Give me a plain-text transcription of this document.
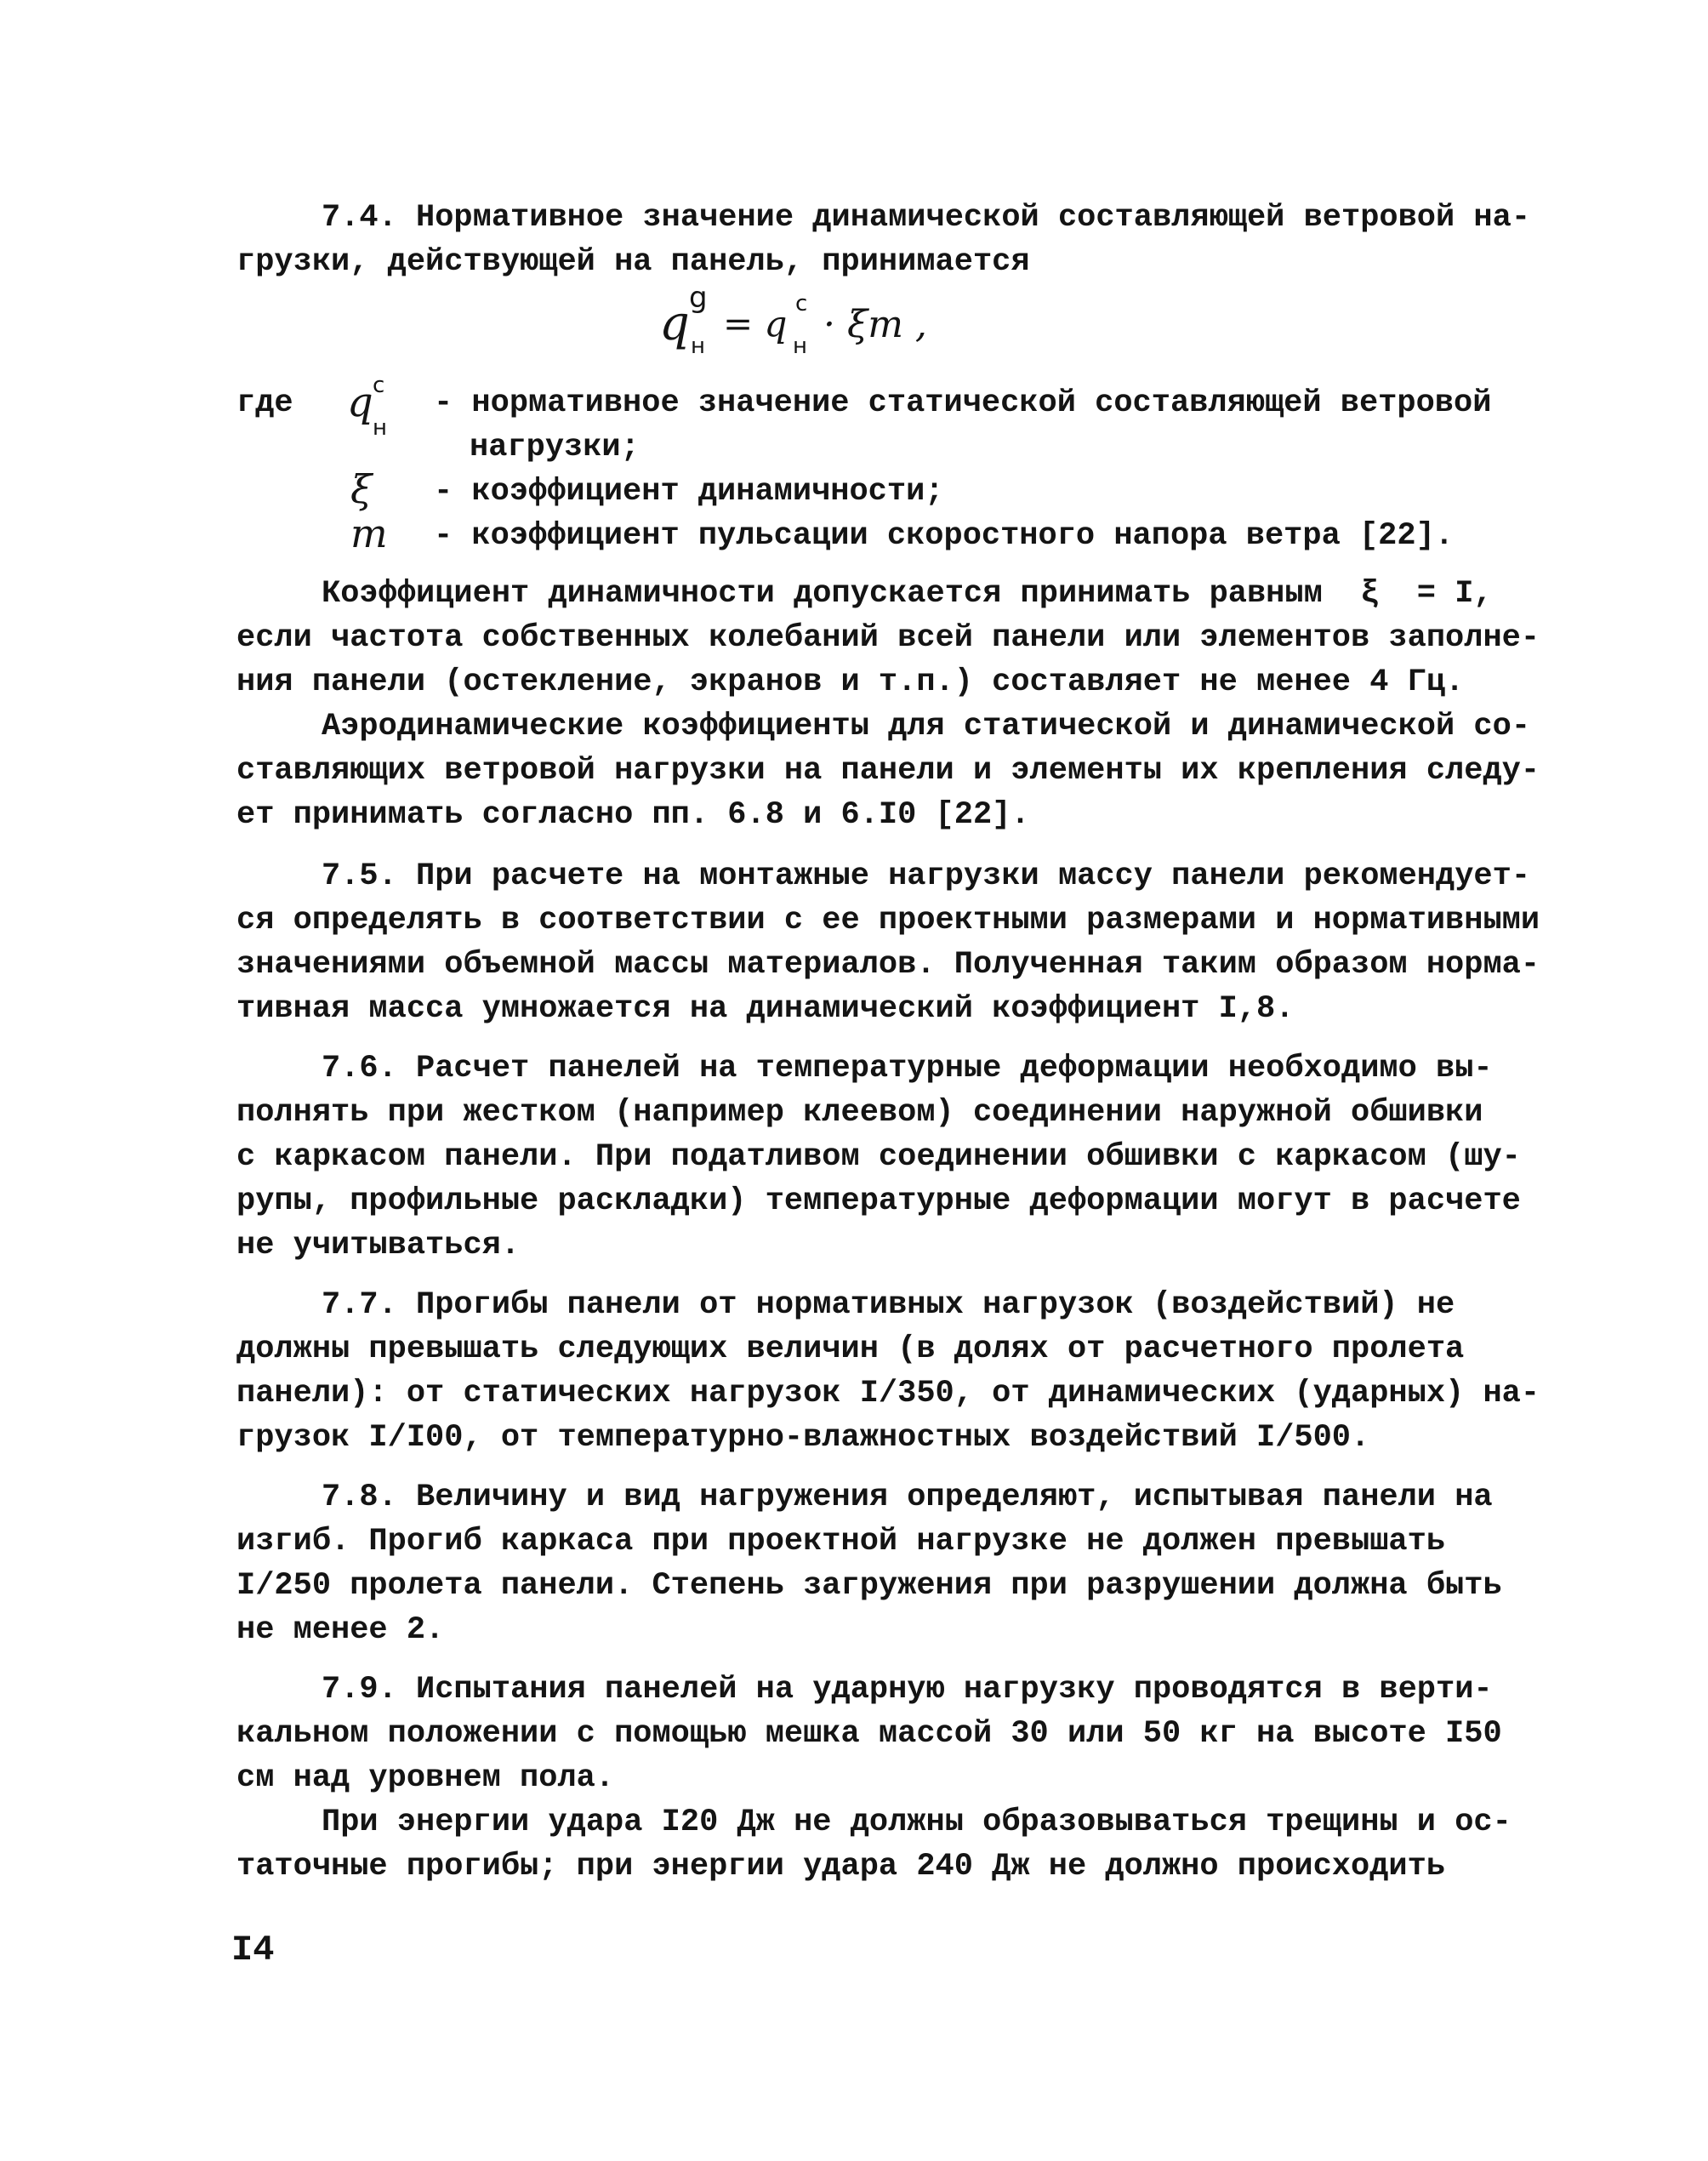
7.4. Нормативное значение динамической составляющей ветровой на-
грузки, действующей на панель, принимается
q g
н
= q c
н · ξm ,
где q c
н
- нормативное значение статической составляющей ветровой
нагрузки;
ξ - коэффициент динамичности;
m - коэффициент пульсации скоростного напора ветра [22].
Коэффициент динамичности допускается принимать равным  ξ  = I,
если частота собственных колебаний всей панели или элементов заполне-
ния панели (остекление, экранов и т.п.) составляет не менее 4 Гц.
Аэродинамические коэффициенты для статической и динамической со-
ставляющих ветровой нагрузки на панели и элементы их крепления следу-
ет принимать согласно пп. 6.8 и 6.I0 [22].
7.5. При расчете на монтажные нагрузки массу панели рекомендует-
ся определять в соответствии с ее проектными размерами и нормативными
значениями объемной массы материалов. Полученная таким образом норма-
тивная масса умножается на динамический коэффициент I,8.
7.6. Расчет панелей на температурные деформации необходимо вы-
полнять при жестком (например клеевом) соединении наружной обшивки
с каркасом панели. При податливом соединении обшивки с каркасом (шу-
рупы, профильные раскладки) температурные деформации могут в расчете
не учитываться.
7.7. Прогибы панели от нормативных нагрузок (воздействий) не
должны превышать следующих величин (в долях от расчетного пролета
панели): от статических нагрузок I/350, от динамических (ударных) на-
грузок I/I00, от температурно-влажностных воздействий I/500.
7.8. Величину и вид нагружения определяют, испытывая панели на
изгиб. Прогиб каркаса при проектной нагрузке не должен превышать
I/250 пролета панели. Степень загружения при разрушении должна быть
не менее 2.
7.9. Испытания панелей на ударную нагрузку проводятся в верти-
кальном положении с помощью мешка массой 30 или 50 кг на высоте I50
см над уровнем пола.
При энергии удара I20 Дж не должны образовываться трещины и ос-
таточные прогибы; при энергии удара 240 Дж не должно происходить
I4
